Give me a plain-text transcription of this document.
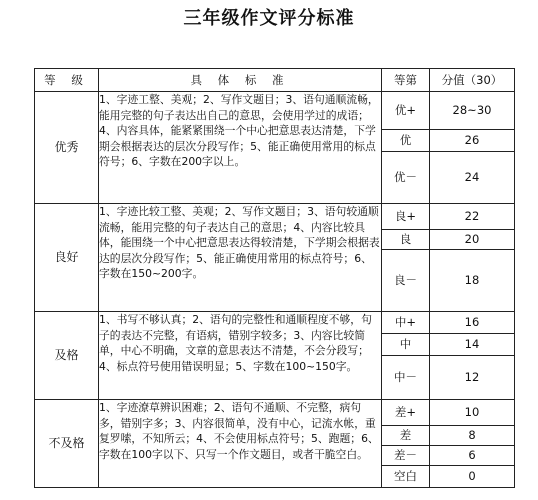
三年级作文评分标准
等 级	具 体 标 准	等第	分值（30）
优秀	1、字迹工整、美观；2、写作文题目；3、语句通顺流畅，能用完整的句子表达出自己的意思，会使用学过的成语；4、内容具体，能紧紧围绕一个中心把意思表达清楚，下学期会根据表达的层次分段写作；5、能正确使用常用的标点符号；6、字数在200字以上。	优+	28~30
		优	26
		优－	24
良好	1、字迹比较工整、美观；2、写作文题目；3、语句较通顺流畅，能用完整的句子表达自己的意思；4、内容比较具体，能围绕一个中心把意思表达得较清楚，下学期会根据表达的层次分段写作；5、能正确使用常用的标点符号；6、字数在150~200字。	良+	22
		良	20
		良－	18
及格	1、书写不够认真；2、语句的完整性和通顺程度不够，句子的表达不完整，有语病，错别字较多；3、内容比较简单，中心不明确，文章的意思表达不清楚，不会分段写；4、标点符号使用错误明显；5、字数在100~150字。	中+	16
		中	14
		中－	12
不及格	1、字迹潦草辨识困难；2、语句不通顺、不完整，病句多，错别字多；3、内容很简单，没有中心，记流水帐，重复罗嗦，不知所云；4、不会使用标点符号；5、跑题；6、字数在100字以下、只写一个作文题目，或者干脆空白。	差+	10
		差	8
		差－	6
		空白	0
